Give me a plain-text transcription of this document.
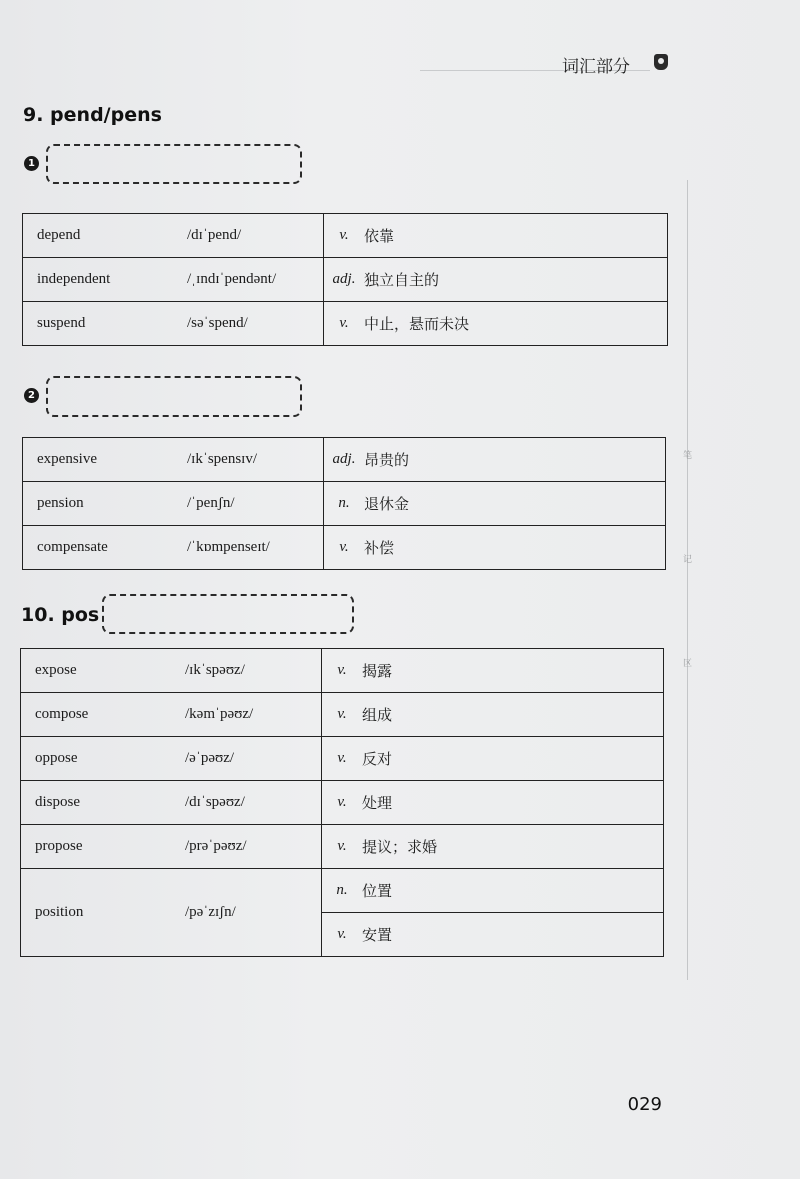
词汇部分
9. pend/pens
1
depend	/dɪˈpend/	v.	依靠
independent	/ˌɪndɪˈpendənt/	adj.	独立自主的
suspend	/səˈspend/	v.	中止，悬而未决
2
expensive	/ɪkˈspensɪv/	adj.	昂贵的
pension	/ˈpenʃn/	n.	退休金
compensate	/ˈkɒmpenseɪt/	v.	补偿
10. pos
expose	/ɪkˈspəʊz/	v.	揭露
compose	/kəmˈpəʊz/	v.	组成
oppose	/əˈpəʊz/	v.	反对
dispose	/dɪˈspəʊz/	v.	处理
propose	/prəˈpəʊz/	v.	提议；求婚
position	/pəˈzɪʃn/	n.	位置
		v.	安置
笔
记
区
029
